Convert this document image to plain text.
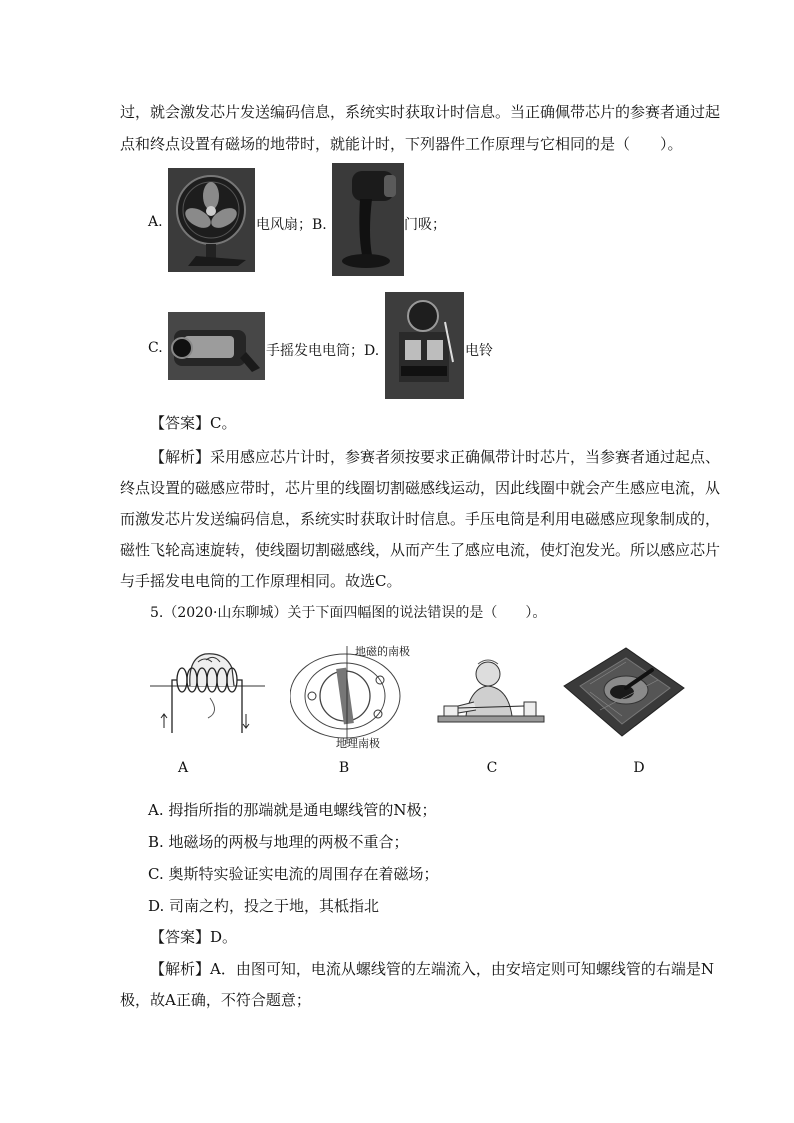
过，就会激发芯片发送编码信息，系统实时获取计时信息。当正确佩带芯片的参赛者通过起
点和终点设置有磁场的地带时，就能计时，下列器件工作原理与它相同的是（　　）。
A.	电风扇；B.	门吸；
C.	手摇发电电筒；D.	电铃
【答案】C。
【解析】采用感应芯片计时，参赛者须按要求正确佩带计时芯片，当参赛者通过起点、
终点设置的磁感应带时，芯片里的线圈切割磁感线运动，因此线圈中就会产生感应电流，从
而激发芯片发送编码信息，系统实时获取计时信息。手压电筒是利用电磁感应现象制成的，
磁性飞轮高速旋转，使线圈切割磁感线，从而产生了感应电流，使灯泡发光。所以感应芯片
与手摇发电电筒的工作原理相同。故选C。
5.（2020·山东聊城）关于下面四幅图的说法错误的是（　　）。
A
地磁的南极
地理南极
B	C	D
A. 拇指所指的那端就是通电螺线管的N极；
B. 地磁场的两极与地理的两极不重合；
C. 奥斯特实验证实电流的周围存在着磁场；
D. 司南之杓，投之于地，其柢指北
【答案】D。
【解析】A．由图可知，电流从螺线管的左端流入，由安培定则可知螺线管的右端是N
极，故A正确，不符合题意；
